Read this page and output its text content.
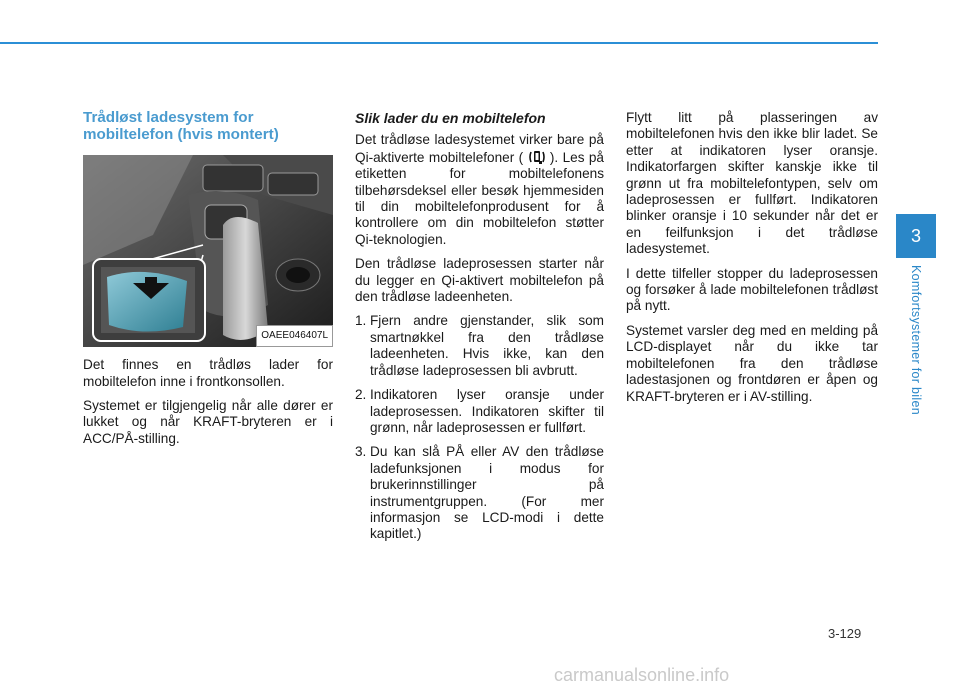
3
Komfortsystemer for bilen
Trådløst ladesystem for mobiltelefon (hvis montert)
OAEE046407L

Det finnes en trådløs lader for mobiltelefon inne i frontkonsollen.

Systemet er tilgjengelig når alle dører er lukket og når KRAFT-bryteren er i ACC/PÅ-stilling.

Slik lader du en mobiltelefon

Det trådløse ladesystemet virker bare på Qi-aktiverte mobiltelefoner ( ). Les på etiketten for mobiltelefonens tilbehørsdeksel eller besøk hjemmesiden til din mobiltelefonprodusent for å kontrollere om din mobiltelefon støtter Qi-teknologien.

Den trådløse ladeprosessen starter når du legger en Qi-aktivert mobiltelefon på den trådløse ladeenheten.

1. Fjern andre gjenstander, slik som smartnøkkel fra den trådløse ladeenheten. Hvis ikke, kan den trådløse ladeprosessen bli avbrutt.
2. Indikatoren lyser oransje under ladeprosessen. Indikatoren skifter til grønn, når ladeprosessen er fullført.
3. Du kan slå PÅ eller AV den trådløse ladefunksjonen i modus for brukerinnstillinger på instrumentgruppen. (For mer informasjon se LCD-modi i dette kapitlet.)

Flytt litt på plasseringen av mobiltelefonen hvis den ikke blir ladet. Se etter at indikatoren lyser oransje. Indikatorfargen skifter kanskje ikke til grønn ut fra mobiltelefontypen, selv om ladeprosessen er fullført. Indikatoren blinker oransje i 10 sekunder når det er en feilfunksjon i det trådløse ladesystemet.

I dette tilfeller stopper du ladeprosessen og forsøker å lade mobiltelefonen trådløst på nytt.

Systemet varsler deg med en melding på LCD-displayet når du ikke tar mobiltelefonen fra den trådløse ladestasjonen og frontdøren er åpen og KRAFT-bryteren er i AV-stilling.

3-129
carmanualsonline.info
